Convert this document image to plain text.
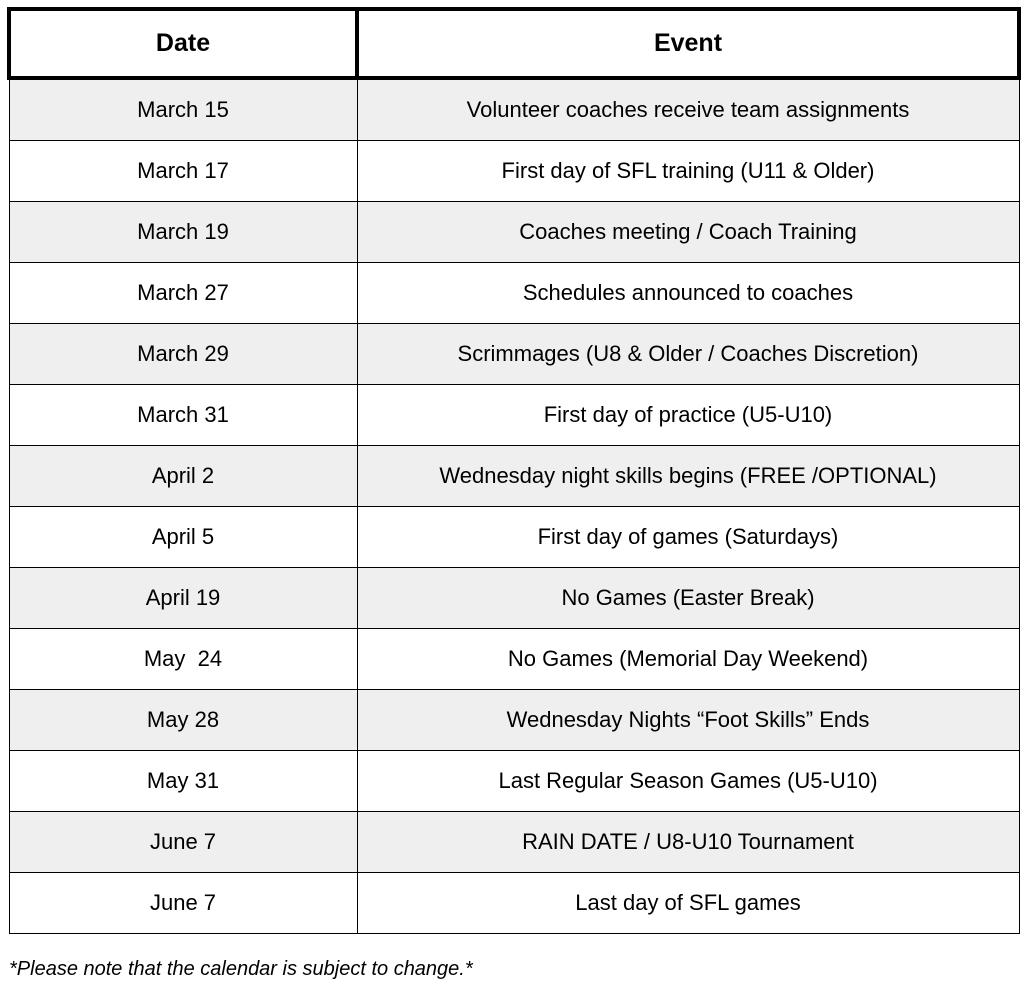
Date	Event
March 15	Volunteer coaches receive team assignments
March 17	First day of SFL training (U11 & Older)
March 19	Coaches meeting / Coach Training
March 27	Schedules announced to coaches
March 29	Scrimmages (U8 & Older / Coaches Discretion)
March 31	First day of practice (U5-U10)
April 2	Wednesday night skills begins (FREE /OPTIONAL)
April 5	First day of games (Saturdays)
April 19	No Games (Easter Break)
May  24	No Games (Memorial Day Weekend)
May 28	Wednesday Nights “Foot Skills” Ends
May 31	Last Regular Season Games (U5-U10)
June 7	RAIN DATE / U8-U10 Tournament
June 7	Last day of SFL games
*Please note that the calendar is subject to change.*
